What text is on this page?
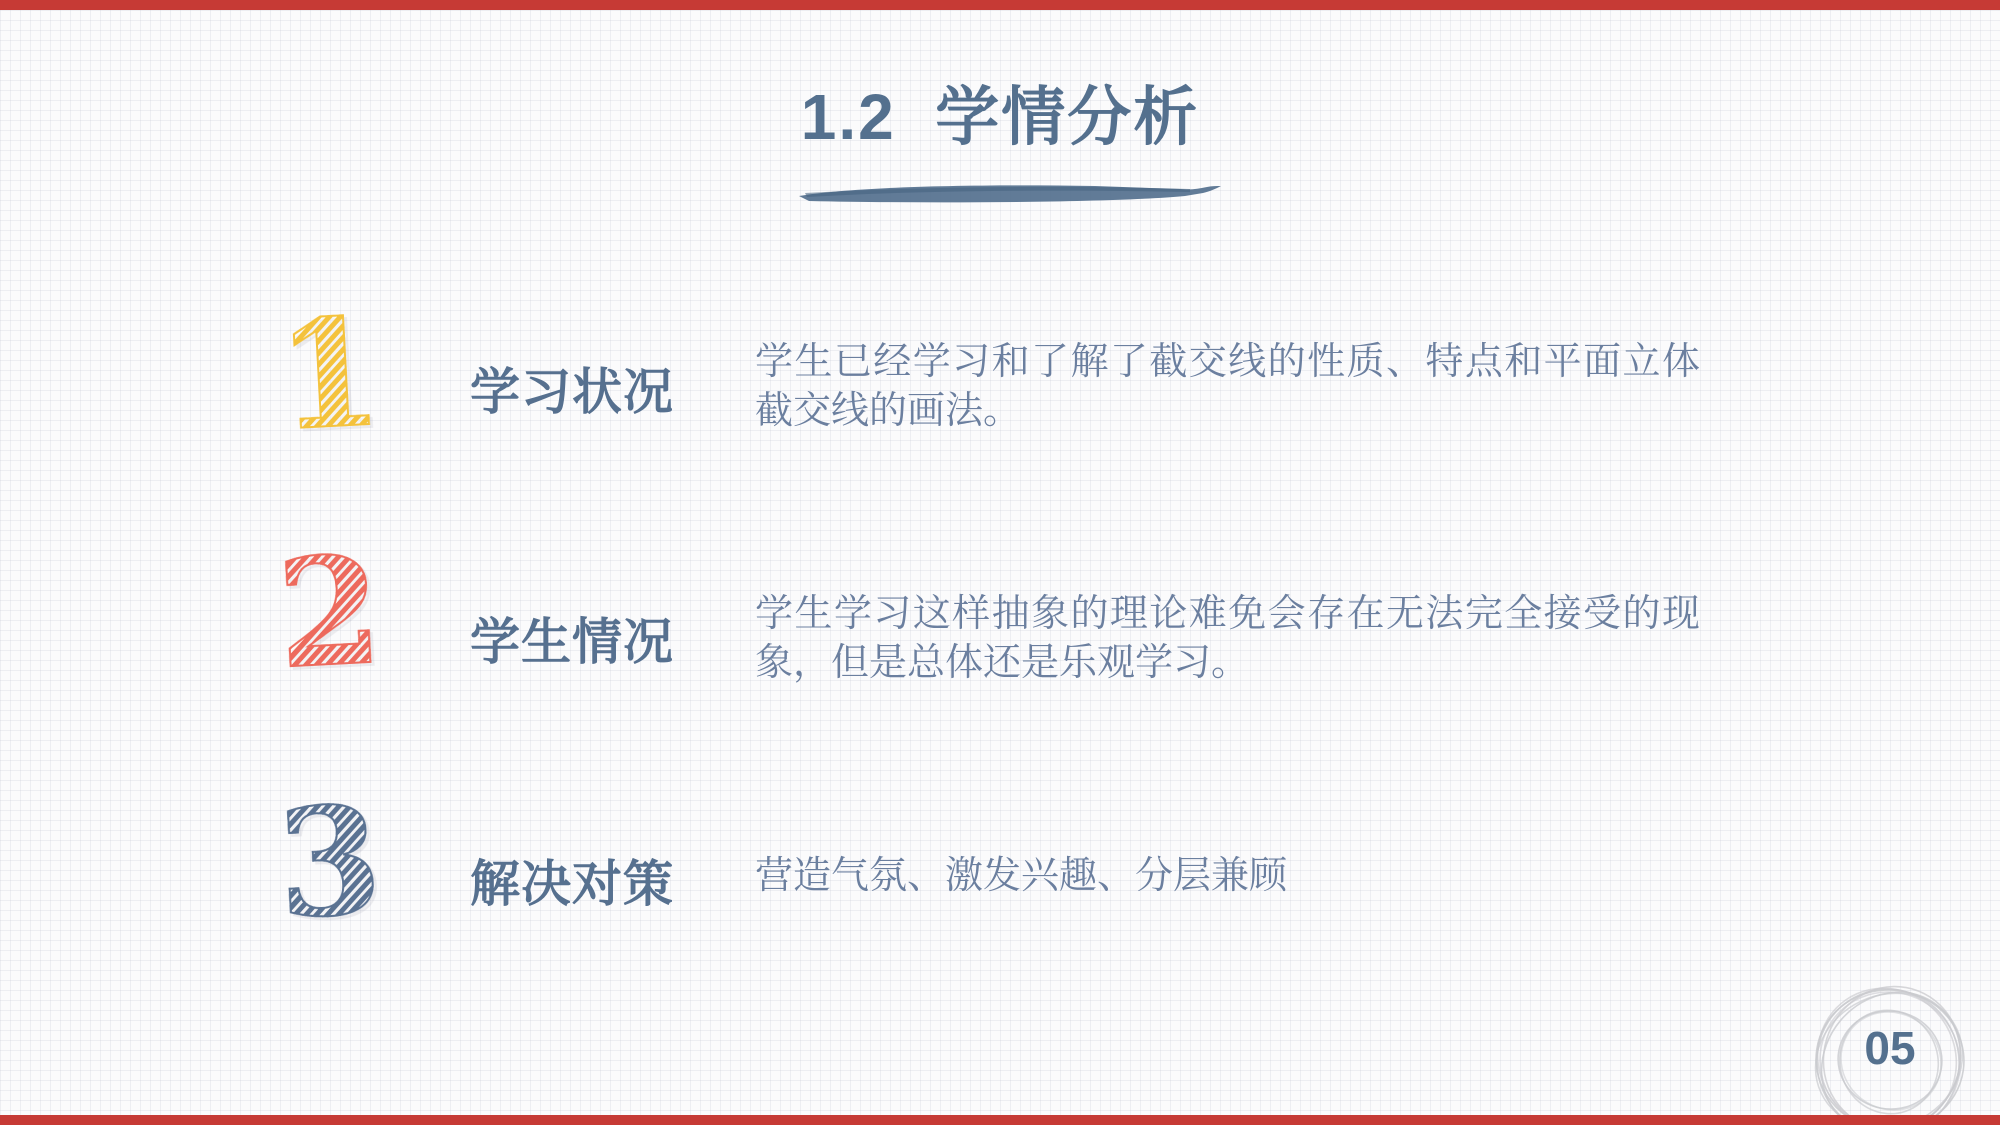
1.2  学情分析
1 学习状况
学生已经学习和了解了截交线的性质、特点和平面立体截交线的画法。
2 学生情况 学生学习这样抽象的理论难免会存在无法完全接受的现象，但是总体还是乐观学习。
3 解决对策 营造气氛、激发兴趣、分层兼顾
05
